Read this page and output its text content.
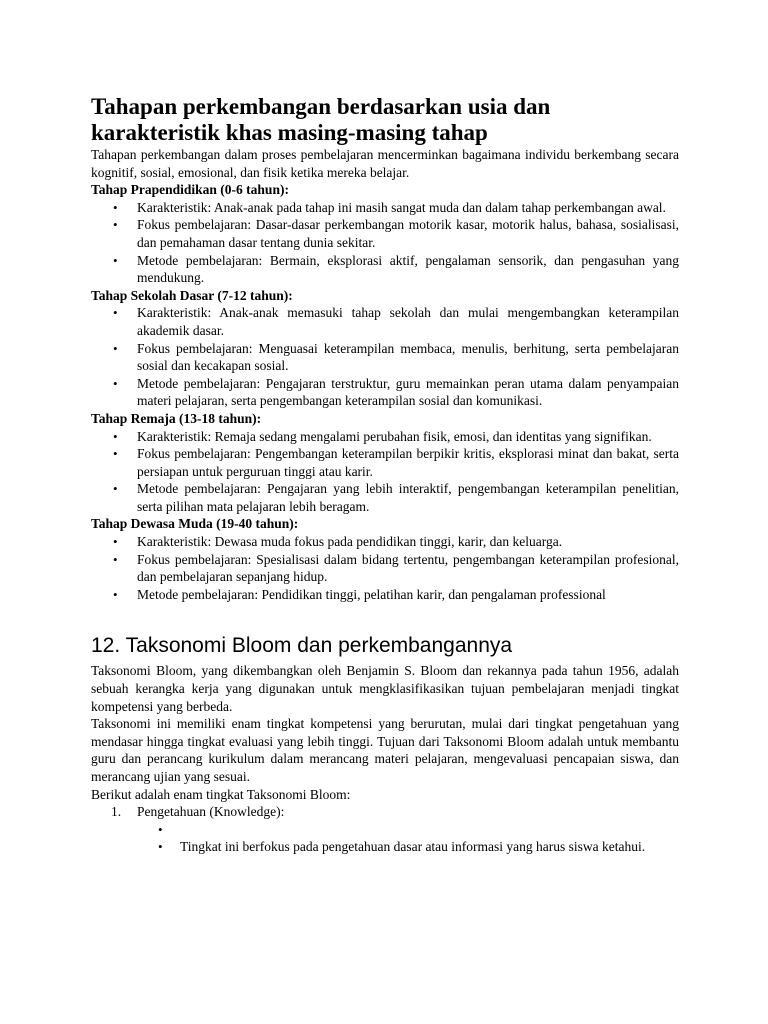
Tahapan perkembangan berdasarkan usia dan karakteristik khas masing-masing tahap

Tahapan perkembangan dalam proses pembelajaran mencerminkan bagaimana individu berkembang secara kognitif, sosial, emosional, dan fisik ketika mereka belajar.

Tahap Prapendidikan (0-6 tahun):

• Karakteristik: Anak-anak pada tahap ini masih sangat muda dan dalam tahap perkembangan awal.
• Fokus pembelajaran: Dasar-dasar perkembangan motorik kasar, motorik halus, bahasa, sosialisasi, dan pemahaman dasar tentang dunia sekitar.
• Metode pembelajaran: Bermain, eksplorasi aktif, pengalaman sensorik, dan pengasuhan yang mendukung.

Tahap Sekolah Dasar (7-12 tahun):

• Karakteristik: Anak-anak memasuki tahap sekolah dan mulai mengembangkan keterampilan akademik dasar.
• Fokus pembelajaran: Menguasai keterampilan membaca, menulis, berhitung, serta pembelajaran sosial dan kecakapan sosial.
• Metode pembelajaran: Pengajaran terstruktur, guru memainkan peran utama dalam penyampaian materi pelajaran, serta pengembangan keterampilan sosial dan komunikasi.

Tahap Remaja (13-18 tahun):

• Karakteristik: Remaja sedang mengalami perubahan fisik, emosi, dan identitas yang signifikan.
• Fokus pembelajaran: Pengembangan keterampilan berpikir kritis, eksplorasi minat dan bakat, serta persiapan untuk perguruan tinggi atau karir.
• Metode pembelajaran: Pengajaran yang lebih interaktif, pengembangan keterampilan penelitian, serta pilihan mata pelajaran lebih beragam.

Tahap Dewasa Muda (19-40 tahun):

• Karakteristik: Dewasa muda fokus pada pendidikan tinggi, karir, dan keluarga.
• Fokus pembelajaran: Spesialisasi dalam bidang tertentu, pengembangan keterampilan profesional, dan pembelajaran sepanjang hidup.
• Metode pembelajaran: Pendidikan tinggi, pelatihan karir, dan pengalaman professional
12. Taksonomi Bloom dan perkembangannya

Taksonomi Bloom, yang dikembangkan oleh Benjamin S. Bloom dan rekannya pada tahun 1956, adalah sebuah kerangka kerja yang digunakan untuk mengklasifikasikan tujuan pembelajaran menjadi tingkat kompetensi yang berbeda.

Taksonomi ini memiliki enam tingkat kompetensi yang berurutan, mulai dari tingkat pengetahuan yang mendasar hingga tingkat evaluasi yang lebih tinggi. Tujuan dari Taksonomi Bloom adalah untuk membantu guru dan perancang kurikulum dalam merancang materi pelajaran, mengevaluasi pencapaian siswa, dan merancang ujian yang sesuai.

Berikut adalah enam tingkat Taksonomi Bloom:

1. Pengetahuan (Knowledge):
•

• Tingkat ini berfokus pada pengetahuan dasar atau informasi yang harus siswa ketahui.
